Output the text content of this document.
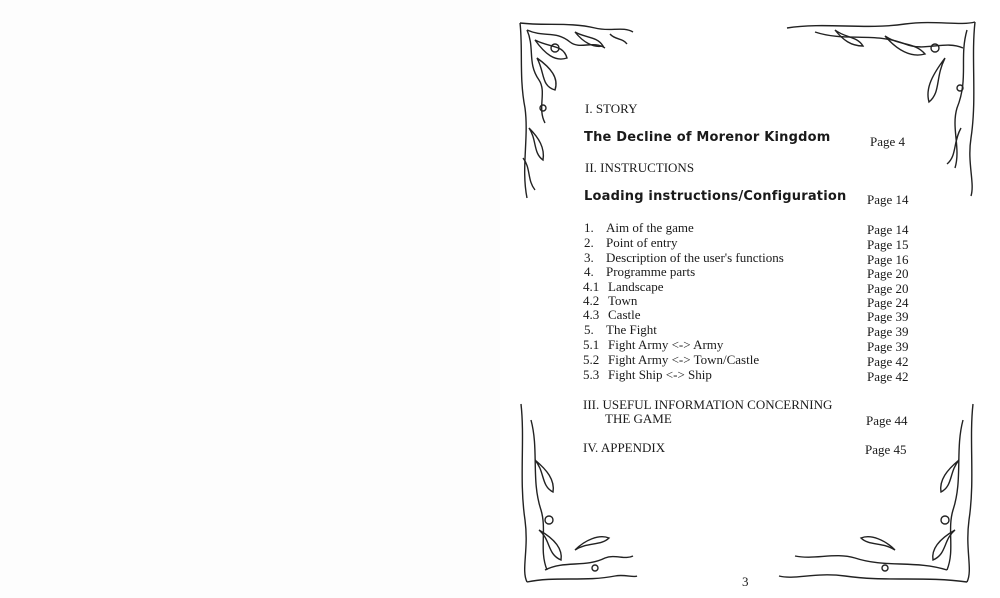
I. STORY
The Decline of Morenor Kingdom	Page 4
II. INSTRUCTIONS
Loading instructions/Configuration Page 14
1. Aim of the game	Page 14
2. Point of entry	Page 15
3. Description of the user's functions	Page 16
4. Programme parts	Page 20
4.1 Landscape	Page 20
4.2 Town	Page 24
4.3 Castle	Page 39
5. The Fight	Page 39
5.1 Fight Army <-> Army	Page 39
5.2 Fight Army <-> Town/Castle	Page 42
5.3 Fight Ship <-> Ship	Page 42
III. USEFUL INFORMATION CONCERNING
THE GAME	Page 44
IV. APPENDIX	Page 45
3
